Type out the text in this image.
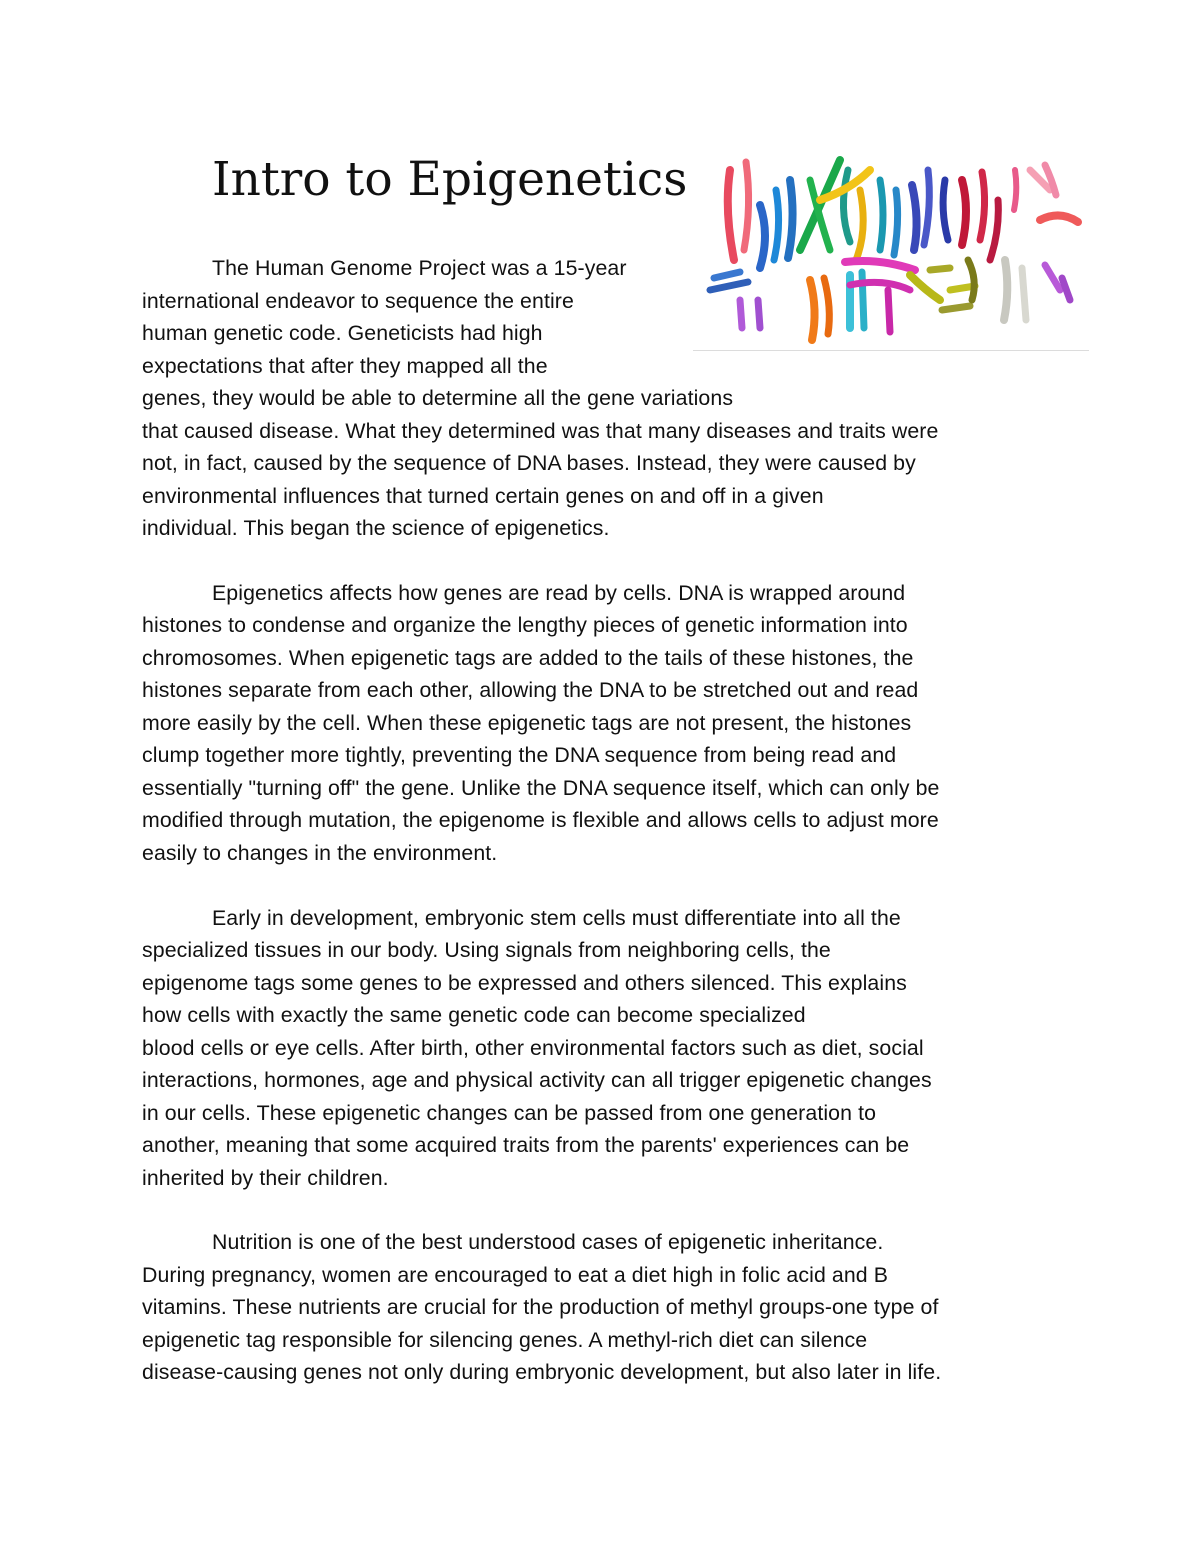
Intro to Epigenetics
The Human Genome Project was a 15-year
international endeavor to sequence the entire
human genetic code. Geneticists had high
expectations that after they mapped all the
genes, they would be able to determine all the gene variations
that caused disease. What they determined was that many diseases and traits were
not, in fact, caused by the sequence of DNA bases. Instead, they were caused by
environmental influences that turned certain genes on and off in a given
individual. This began the science of epigenetics.
Epigenetics affects how genes are read by cells. DNA is wrapped around
histones to condense and organize the lengthy pieces of genetic information into
chromosomes. When epigenetic tags are added to the tails of these histones, the
histones separate from each other, allowing the DNA to be stretched out and read
more easily by the cell. When these epigenetic tags are not present, the histones
clump together more tightly, preventing the DNA sequence from being read and
essentially "turning off" the gene. Unlike the DNA sequence itself, which can only be
modified through mutation, the epigenome is flexible and allows cells to adjust more
easily to changes in the environment.
Early in development, embryonic stem cells must differentiate into all the
specialized tissues in our body. Using signals from neighboring cells, the
epigenome tags some genes to be expressed and others silenced. This explains
how cells with exactly the same genetic code can become specialized
blood cells or eye cells. After birth, other environmental factors such as diet, social
interactions, hormones, age and physical activity can all trigger epigenetic changes
in our cells. These epigenetic changes can be passed from one generation to
another, meaning that some acquired traits from the parents' experiences can be
inherited by their children.
Nutrition is one of the best understood cases of epigenetic inheritance.
During pregnancy, women are encouraged to eat a diet high in folic acid and B
vitamins. These nutrients are crucial for the production of methyl groups-one type of
epigenetic tag responsible for silencing genes. A methyl-rich diet can silence
disease-causing genes not only during embryonic development, but also later in life.
